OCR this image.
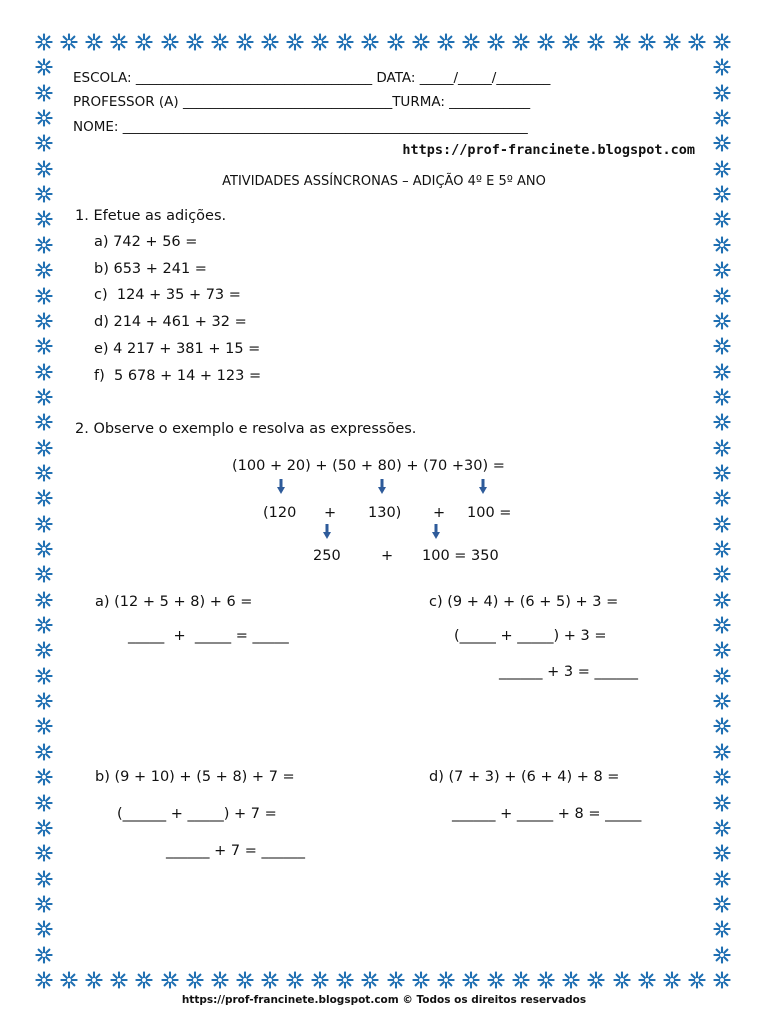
ESCOLA: ___________________________________ DATA: _____/_____/________
PROFESSOR (A) _______________________________TURMA: ____________
NOME: ____________________________________________________________
https://prof-francinete.blogspot.com
ATIVIDADES ASSÍNCRONAS – ADIÇÃO 4º E 5º ANO
1. Efetue as adições.
a) 742 + 56 =
b) 653 + 241 =
c)  124 + 35 + 73 =
d) 214 + 461 + 32 =
e) 4 217 + 381 + 15 =
f)  5 678 + 14 + 123 =
2. Observe o exemplo e resolva as expressões.
(100 + 20) + (50 + 80) + (70 +30) =
(120 + 130) + 100 =
250	+ 100 = 350
a) (12 + 5 + 8) + 6 =
_____  +  _____ = _____
c) (9 + 4) + (6 + 5) + 3 =
(_____ + _____) + 3 =
______ + 3 = ______
b) (9 + 10) + (5 + 8) + 7 =
(______ + _____) + 7 =
______ + 7 = ______
d) (7 + 3) + (6 + 4) + 8 =
______ + _____ + 8 = _____
https://prof-francinete.blogspot.com © Todos os direitos reservados
